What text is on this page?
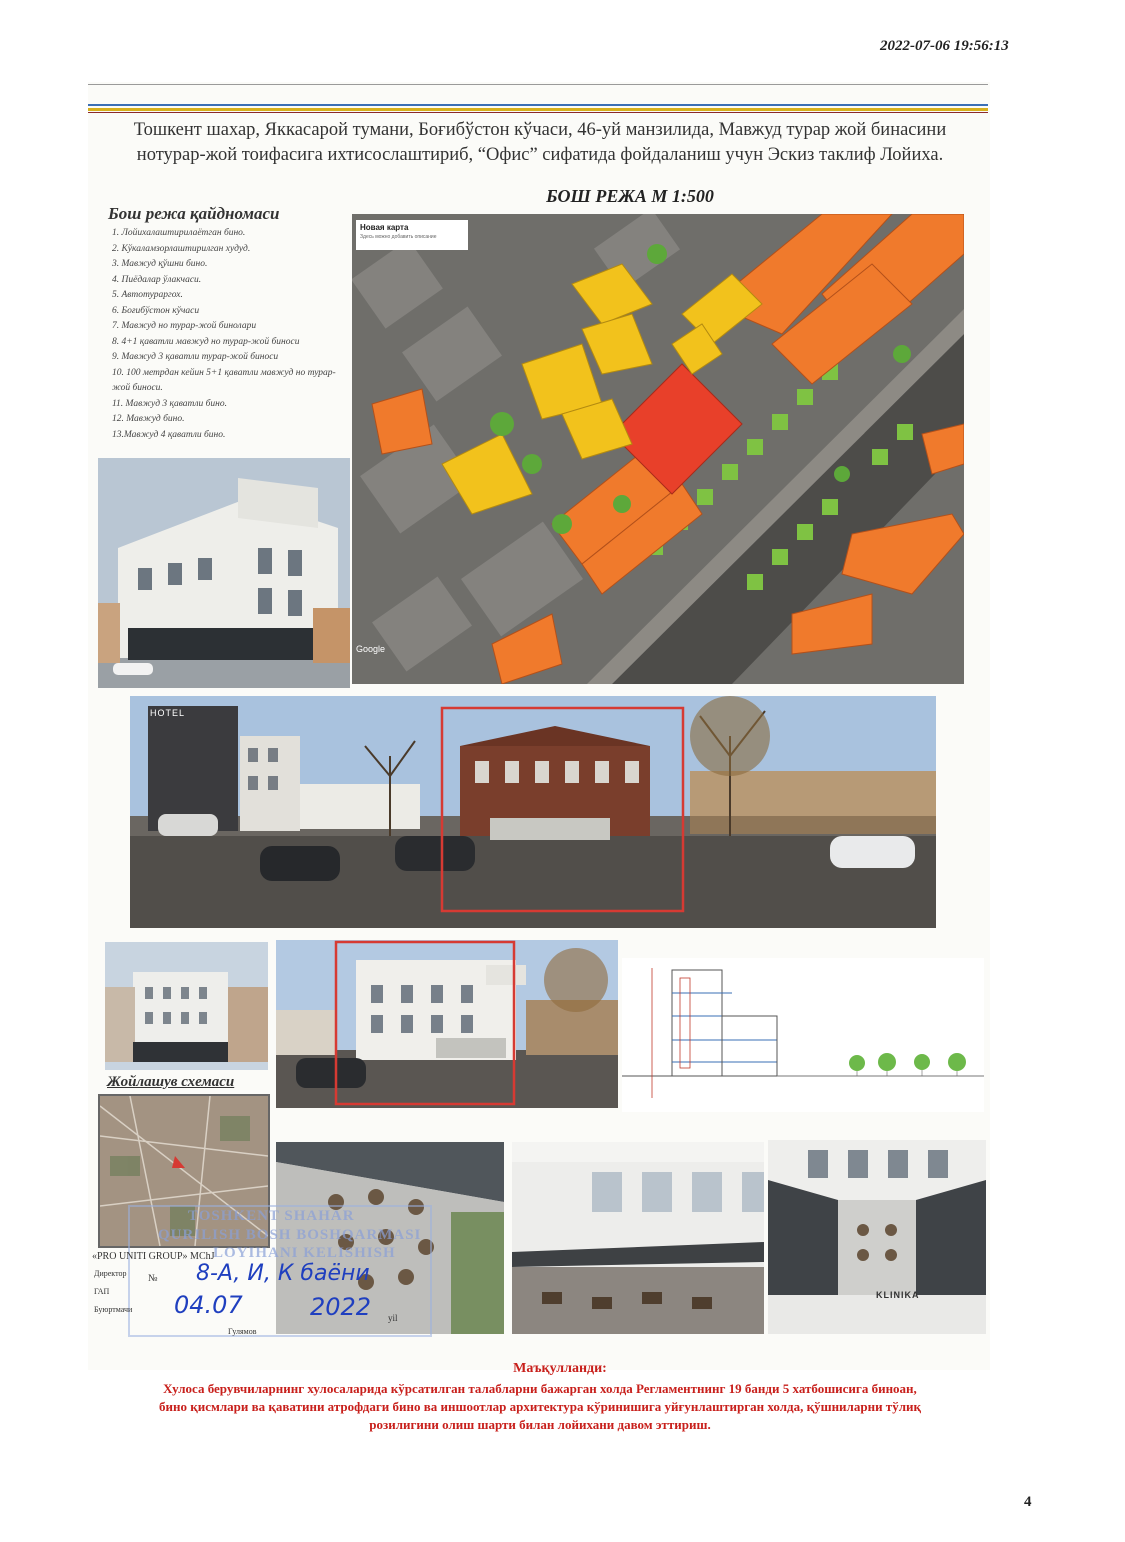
2022-07-06 19:56:13
Тошкент шахар, Яккасарой тумани, Боғибўстон кўчаси, 46-уй манзилида, Мавжуд турар жой бинасини нотурар-жой тоифасига ихтисослаштириб, “Офис” сифатида фойдаланиш учун Эскиз таклиф Лойиха.
БОШ РЕЖА М 1:500
Бош режа қайдномаси
1. Лойихалаштирилаётган бино.
2. Кўкаламзорлаштирилган худуд.
3. Мавжуд қўшни бино.
4. Пиёдалар ўлакчаси.
5. Автотураргох.
6. Боғибўстон кўчаси
7. Мавжуд но турар-жой бинолари
8. 4+1 қаватли мавжуд но турар-жой биноси
9. Мавжуд 3 қаватли турар-жой биноси
10. 100 метрдан кейин 5+1 қаватли мавжуд но турар-жой биноси.
11. Мавжуд 3 қаватли бино.
12. Мавжуд бино.
13.Мавжуд 4 қаватли бино.
Новая карта
Здесь можно добавить описание
Google
HOTEL
Жойлашув схемаси
KLINIKA
TOSHKENT SHAHAR
QURILISH BOSH BOSHQARMASI
LOYIHANI KELISHISH
«PRO UNITI GROUP» MChJ
Директор
ГАП
Буюртмачи
№ 8-A, И, К баёни
04.07	2022 yil
Гулямов
Маъқулланди:
Хулоса берувчиларнинг хулосаларида кўрсатилган талабларни бажарган холда Регламентнинг 19 банди 5 хатбошисига биноан, бино қисмлари ва қаватини атрофдаги бино ва иншоотлар архитектура кўринишига уйғунлаштирган холда, қўшниларни тўлиқ розилигини олиш шарти билан лойихани давом эттириш.
4
